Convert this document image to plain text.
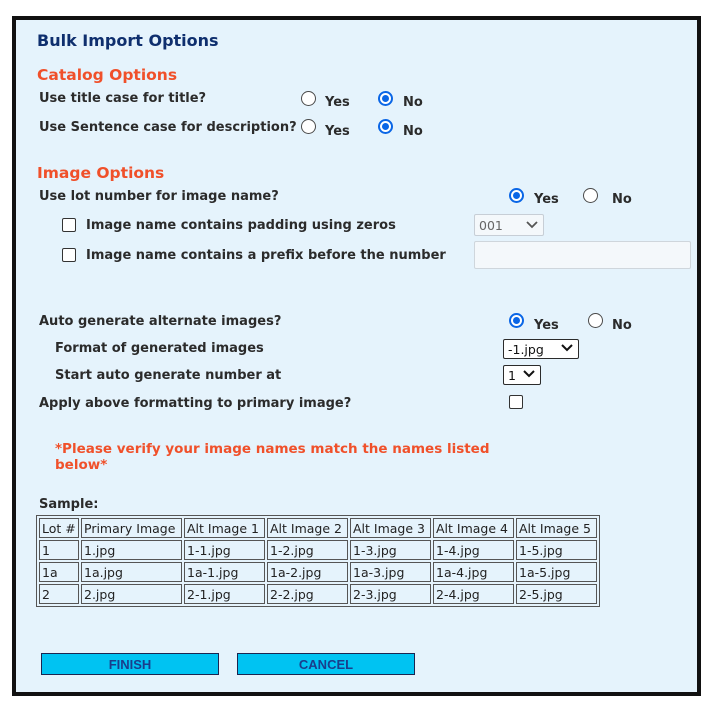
Bulk Import Options
Catalog Options
Use title case for title?	Yes	No
Use Sentence case for description? Yes	No
Image Options
Use lot number for image name?	Yes	No
Image name contains padding using zeros	001
Image name contains a prefix before the number
Auto generate alternate images?	Yes	No
Format of generated images	-1.jpg
Start auto generate number at	1
Apply above formatting to primary image?
*Please verify your image names match the names listed below*
Sample:
Lot #	Primary Image	Alt Image 1	Alt Image 2	Alt Image 3	Alt Image 4	Alt Image 5
1	1.jpg	1-1.jpg	1-2.jpg	1-3.jpg	1-4.jpg	1-5.jpg
1a	1a.jpg	1a-1.jpg	1a-2.jpg	1a-3.jpg	1a-4.jpg	1a-5.jpg
2	2.jpg	2-1.jpg	2-2.jpg	2-3.jpg	2-4.jpg	2-5.jpg
FINISH	CANCEL
